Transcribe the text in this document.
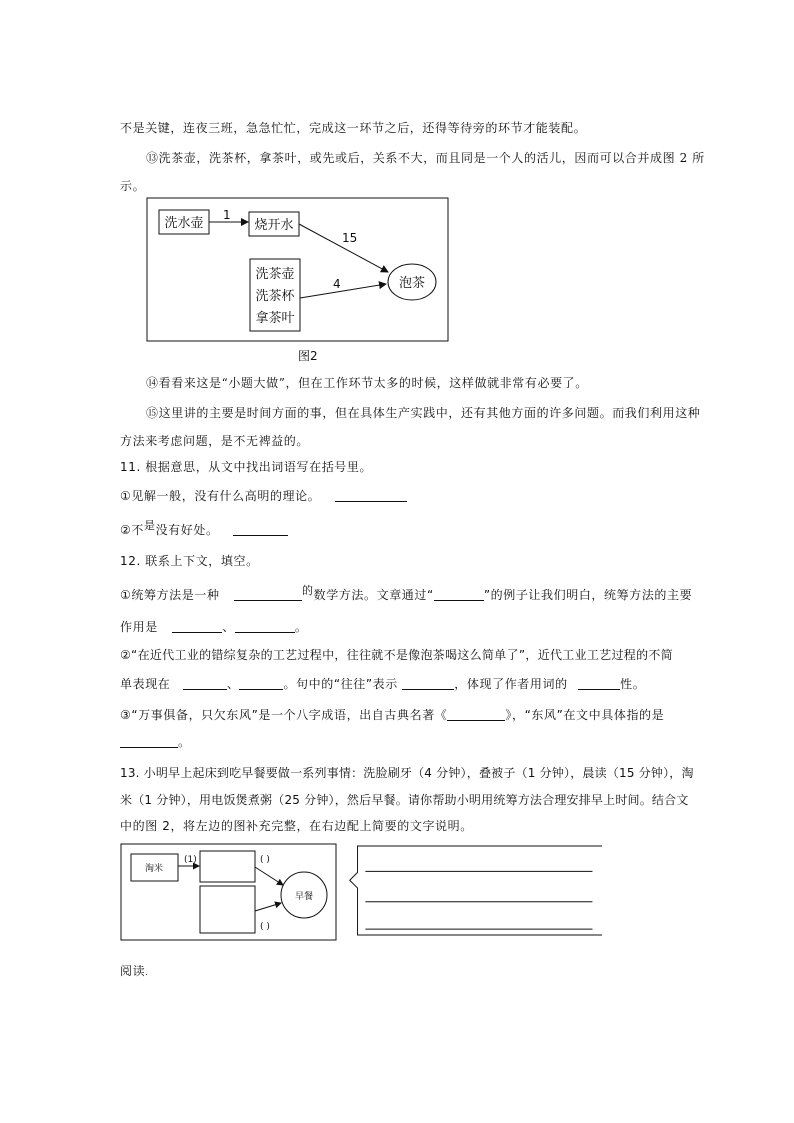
不是关键，连夜三班，急急忙忙，完成这一环节之后，还得等待旁的环节才能装配。
⑬洗茶壶，洗茶杯，拿茶叶，或先或后，关系不大，而且同是一个人的活儿，因而可以合并成图 2 所
示。
洗水壶
1
烧开水
15
洗茶壶
洗茶杯
拿茶叶
4	泡茶
图2
⑭看看来这是“小题大做”，但在工作环节太多的时候，这样做就非常有必要了。
⑮这里讲的主要是时间方面的事，但在具体生产实践中，还有其他方面的许多问题。而我们利用这种
方法来考虑问题，是不无裨益的。
11. 根据意思，从文中找出词语写在括号里。
①见解一般，没有什么高明的理论。
②不是没有好处。
12. 联系上下文，填空。
①统筹方法是一种	的数学方法。文章通过“	”的例子让我们明白，统筹方法的主要
作用是	、	。
②“在近代工业的错综复杂的工艺过程中，往往就不是像泡茶喝这么简单了”，近代工业工艺过程的不简
单表现在	、	。句中的“往往”表示	，体现了作者用词的	性。
③“万事俱备，只欠东风”是一个八字成语，出自古典名著《	》，“东风”在文中具体指的是
。
13. 小明早上起床到吃早餐要做一系列事情：洗脸刷牙（4 分钟），叠被子（1 分钟），晨读（15 分钟），淘
米（1 分钟），用电饭煲煮粥（25 分钟），然后早餐。请你帮助小明用统筹方法合理安排早上时间。结合文
中的图 2，将左边的图补充完整，在右边配上简要的文字说明。
淘米
(1)	( )
( )
早餐
阅读.
